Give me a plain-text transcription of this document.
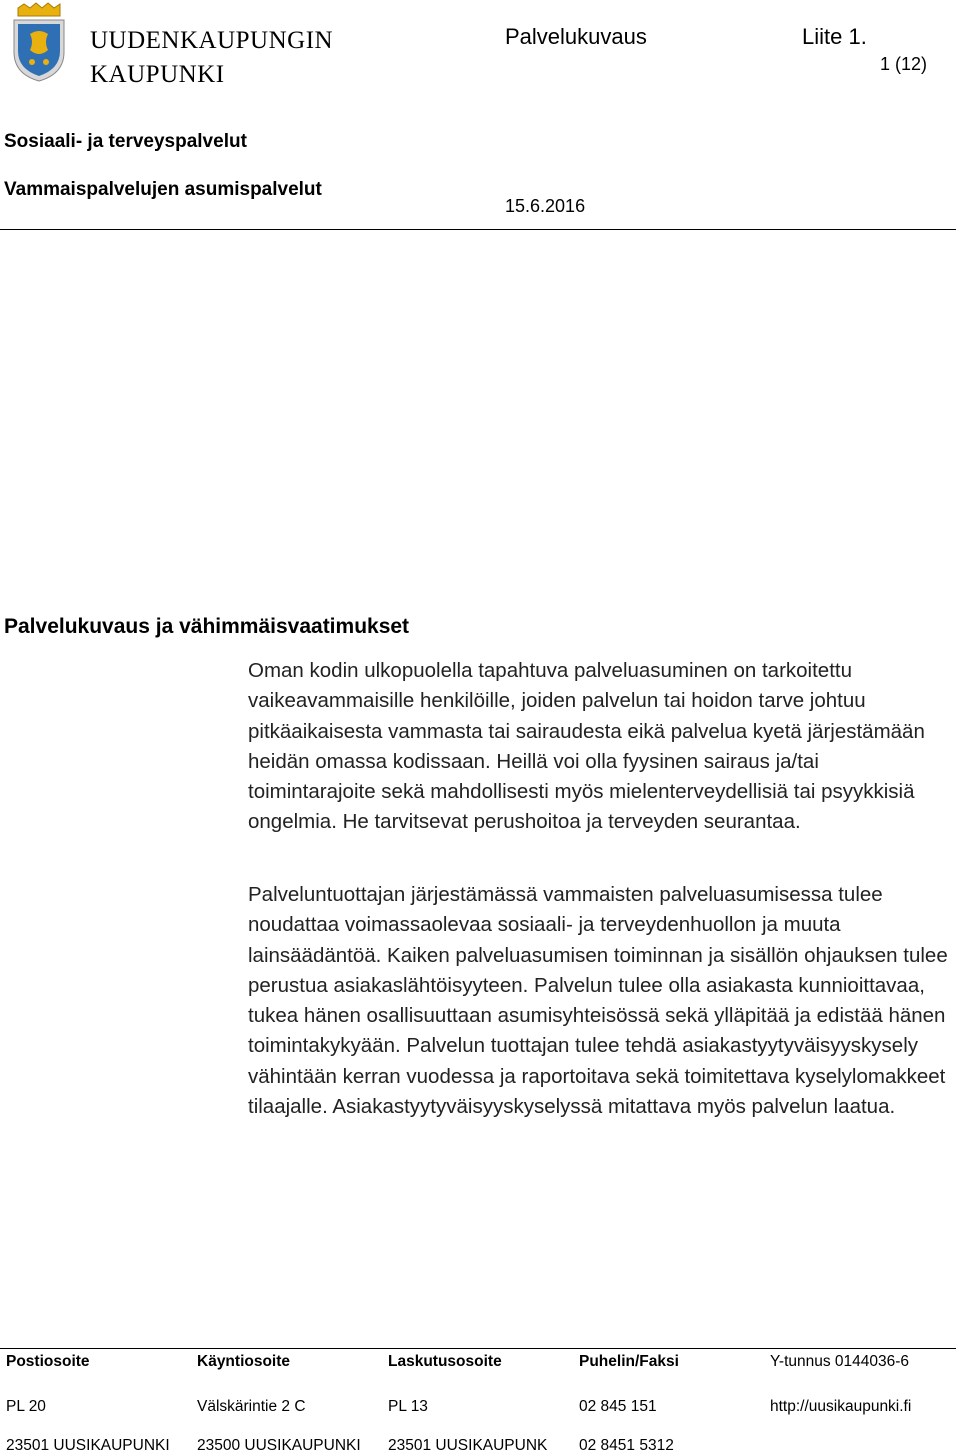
UUDENKAUPUNGIN
KAUPUNKI
Palvelukuvaus	Liite 1.
1 (12)
Sosiaali- ja terveyspalvelut
Vammaispalvelujen asumispalvelut
15.6.2016
Palvelukuvaus ja vähimmäisvaatimukset
Oman kodin ulkopuolella tapahtuva palveluasuminen on tarkoitettu vaikeavammaisille henkilöille, joiden palvelun tai hoidon tarve johtuu pitkäaikaisesta vammasta tai sairaudesta eikä palvelua kyetä järjestämään heidän omassa kodissaan. Heillä voi olla fyysinen sairaus ja/tai toimintarajoite sekä mahdollisesti myös mielenterveydellisiä tai psyykkisiä ongelmia. He tarvitsevat perushoitoa ja terveyden seurantaa.
Palveluntuottajan järjestämässä vammaisten palveluasumisessa tulee noudattaa voimassaolevaa sosiaali- ja terveydenhuollon ja muuta lainsäädäntöä. Kaiken palveluasumisen toiminnan ja sisällön ohjauksen tulee perustua asiakaslähtöisyyteen. Palvelun tulee olla asiakasta kunnioittavaa, tukea hänen osallisuuttaan asumisyhteisössä sekä ylläpitää ja edistää hänen toimintakykyään. Palvelun tuottajan tulee tehdä asiakastyytyväisyyskysely vähintään kerran vuodessa ja raportoitava sekä toimitettava kyselylomakkeet tilaajalle. Asiakastyytyväisyyskyselyssä mitattava myös palvelun laatua.
Postiosoite	Käyntiosoite	Laskutusosoite	Puhelin/Faksi	Y-tunnus 0144036-6
PL 20	Välskärintie 2 C	PL 13	02 845 151	http://uusikaupunki.fi
23501 UUSIKAUPUNKI	23500 UUSIKAUPUNKI	23501 UUSIKAUPUNK	02 8451 5312
